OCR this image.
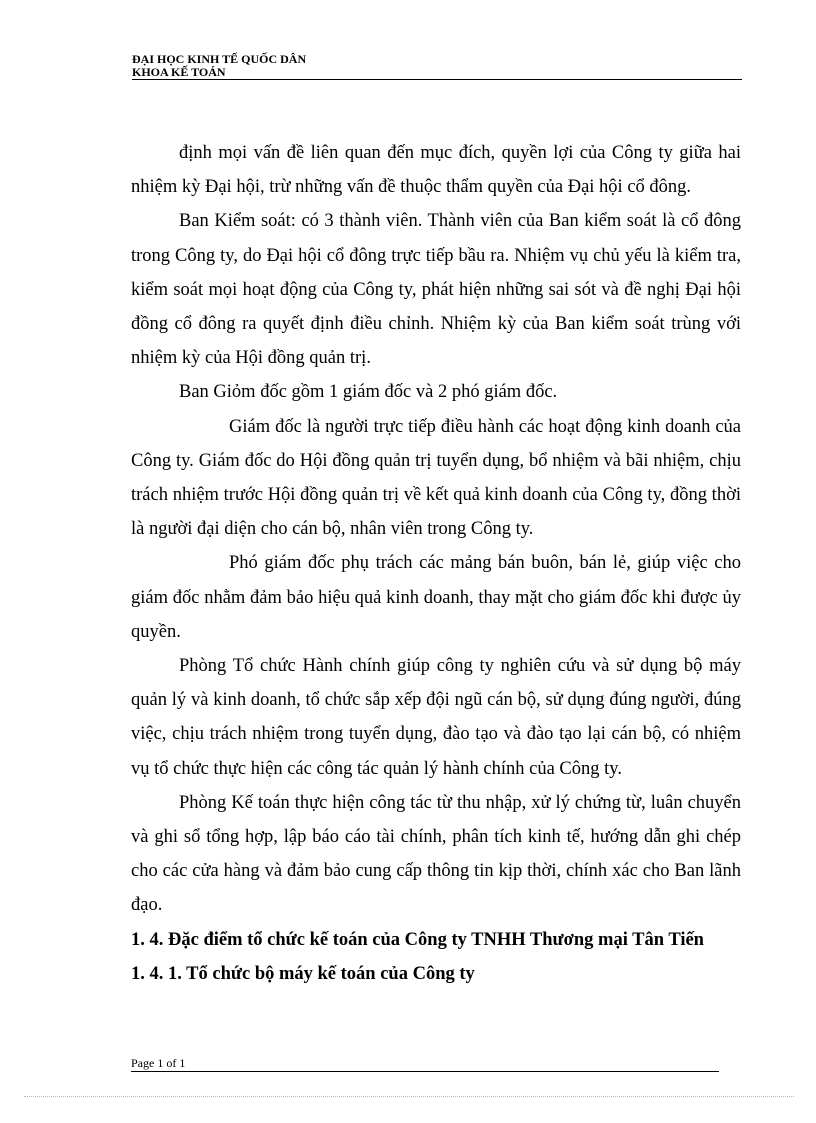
ĐẠI HỌC KINH TẾ QUỐC DÂN
KHOA KẾ TOÁN

định mọi vấn đề liên quan đến mục đích, quyền lợi của Công ty giữa hai nhiệm kỳ Đại hội, trừ những vấn đề thuộc thẩm quyền của Đại hội cổ đông.

Ban Kiểm soát: có 3 thành viên. Thành viên của Ban kiểm soát là cổ đông trong Công ty, do Đại hội cổ đông trực tiếp bầu ra. Nhiệm vụ chủ yếu là kiểm tra, kiểm soát mọi hoạt động của Công ty, phát hiện những sai sót và đề nghị Đại hội đồng cổ đông ra quyết định điều chỉnh. Nhiệm kỳ của Ban kiểm soát trùng với nhiệm kỳ của Hội đồng quản trị.

Ban Giỏm đốc gồm 1 giám đốc và 2 phó giám đốc.

Giám đốc là người trực tiếp điều hành các hoạt động kinh doanh của Công ty. Giám đốc do Hội đồng quản trị tuyển dụng, bổ nhiệm và bãi nhiệm, chịu trách nhiệm trước Hội đồng quản trị về kết quả kinh doanh của Công ty, đồng thời là người đại diện cho cán bộ, nhân viên trong Công ty.

Phó giám đốc phụ trách các mảng bán buôn, bán lẻ, giúp việc cho giám đốc nhằm đảm bảo hiệu quả kinh doanh, thay mặt cho giám đốc khi được ủy quyền.

Phòng Tổ chức Hành chính giúp công ty nghiên cứu và sử dụng bộ máy quản lý và kinh doanh, tổ chức sắp xếp đội ngũ cán bộ, sử dụng đúng người, đúng việc, chịu trách nhiệm trong tuyển dụng, đào tạo và đào tạo lại cán bộ, có nhiệm vụ tổ chức thực hiện các công tác quản lý hành chính của Công ty.

Phòng Kế toán thực hiện công tác từ thu nhập, xử lý chứng từ, luân chuyển và ghi sổ tổng hợp, lập báo cáo tài chính, phân tích kinh tế, hướng dẫn ghi chép cho các cửa hàng và đảm bảo cung cấp thông tin kịp thời, chính xác cho Ban lãnh đạo.

1. 4. Đặc điểm tổ chức kế toán của Công ty TNHH Thương mại Tân Tiến

1. 4. 1. Tổ chức bộ máy kế toán của Công ty

Page 1 of 1
